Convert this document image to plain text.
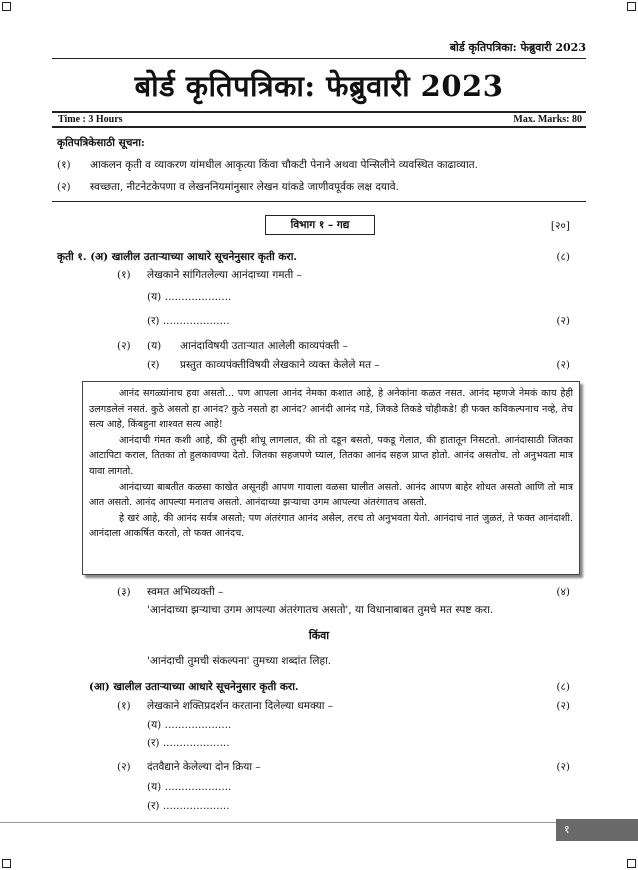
बोर्ड कृतिपत्रिका: फेब्रुवारी 2023
बोर्ड कृतिपत्रिका: फेब्रुवारी 2023
Time : 3 Hours	Max. Marks: 80
कृतिपत्रिकेसाठी सूचना:
(१) आकलन कृती व व्याकरण यांमधील आकृत्या किंवा चौकटी पेनाने अथवा पेन्सिलीने व्यवस्थित काढाव्यात.
(२) स्वच्छता, नीटनेटकेपणा व लेखननियमांनुसार लेखन यांकडे जाणीवपूर्वक लक्ष दयावे.
विभाग १ – गद्य	[२०]
कृती १. (अ) खालील उताऱ्याच्या आधारे सूचनेनुसार कृती करा.	(८)
(१) लेखकाने सांगितलेल्या आनंदाच्या गमती –
(य) ....................
(र) ....................	(२)
(२) (य) आनंदाविषयी उताऱ्यात आलेली काव्यपंक्ती –
(र) प्रस्तुत काव्यपंक्तीविषयी लेखकाने व्यक्त केलेले मत –	(२)

आनंद सगळ्यांनाच हवा असतो... पण आपला आनंद नेमका कशात आहे, हे अनेकांना कळत नसत. आनंद म्हणजे नेमकं काय हेही उलगडलेलं नसतं. कुठे असतो हा आनंद? कुठे नसतो हा आनंद? आनंदी आनंद गडे, जिकडे तिकडे चोहीकडे! ही फक्त कविकल्पनाच नव्हे, तेच सत्य आहे, किंबहुना शाश्वत सत्य आहे!

आनंदाची गंमत कशी आहे, की तुम्ही शोधू लागलात, की तो दडून बसतो, पकडू गेलात, की हातातून निसटतो. आनंदासाठी जितका आटापिटा कराल, तितका तो हुलकावण्या देतो. जितका सहजपणे घ्याल, तितका आनंद सहज प्राप्त होतो. आनंद असतोच. तो अनुभवता मात्र यावा लागतो.

आनंदाच्या बाबतीत कळसा काखेत असूनही आपण गावाला वळसा घालीत असतो. आनंद आपण बाहेर शोधत असतो आणि तो मात्र आत असतो. आनंद आपल्या मनातच असतो. आनंदाच्या झऱ्याचा उगम आपल्या अंतरंगातच असतो.

हे खरं आहे, की आनंद सर्वत्र असतो; पण अंतरंगात आनंद असेल, तरच तो अनुभवता येतो. आनंदाचं नातं जुळतं, ते फक्त आनंदाशी. आनंदाला आकर्षित करतो, तो फक्त आनंदच.

(३) स्वमत अभिव्यक्ती –	(४)
'आनंदाच्या झऱ्याचा उगम आपल्या अंतरंगातच असतो', या विधानाबाबत तुमचे मत स्पष्ट करा.
किंवा
'आनंदाची तुमची संकल्पना' तुमच्या शब्दांत लिहा.
(आ) खालील उताऱ्याच्या आधारे सूचनेनुसार कृती करा.	(८)
(१) लेखकाने शक्तिप्रदर्शन करताना दिलेल्या धमक्या –	(२)
(य) ....................
(र) ....................
(२) दंतवैद्याने केलेल्या दोन क्रिया –	(२)
(य) ....................
(र) ....................
१
